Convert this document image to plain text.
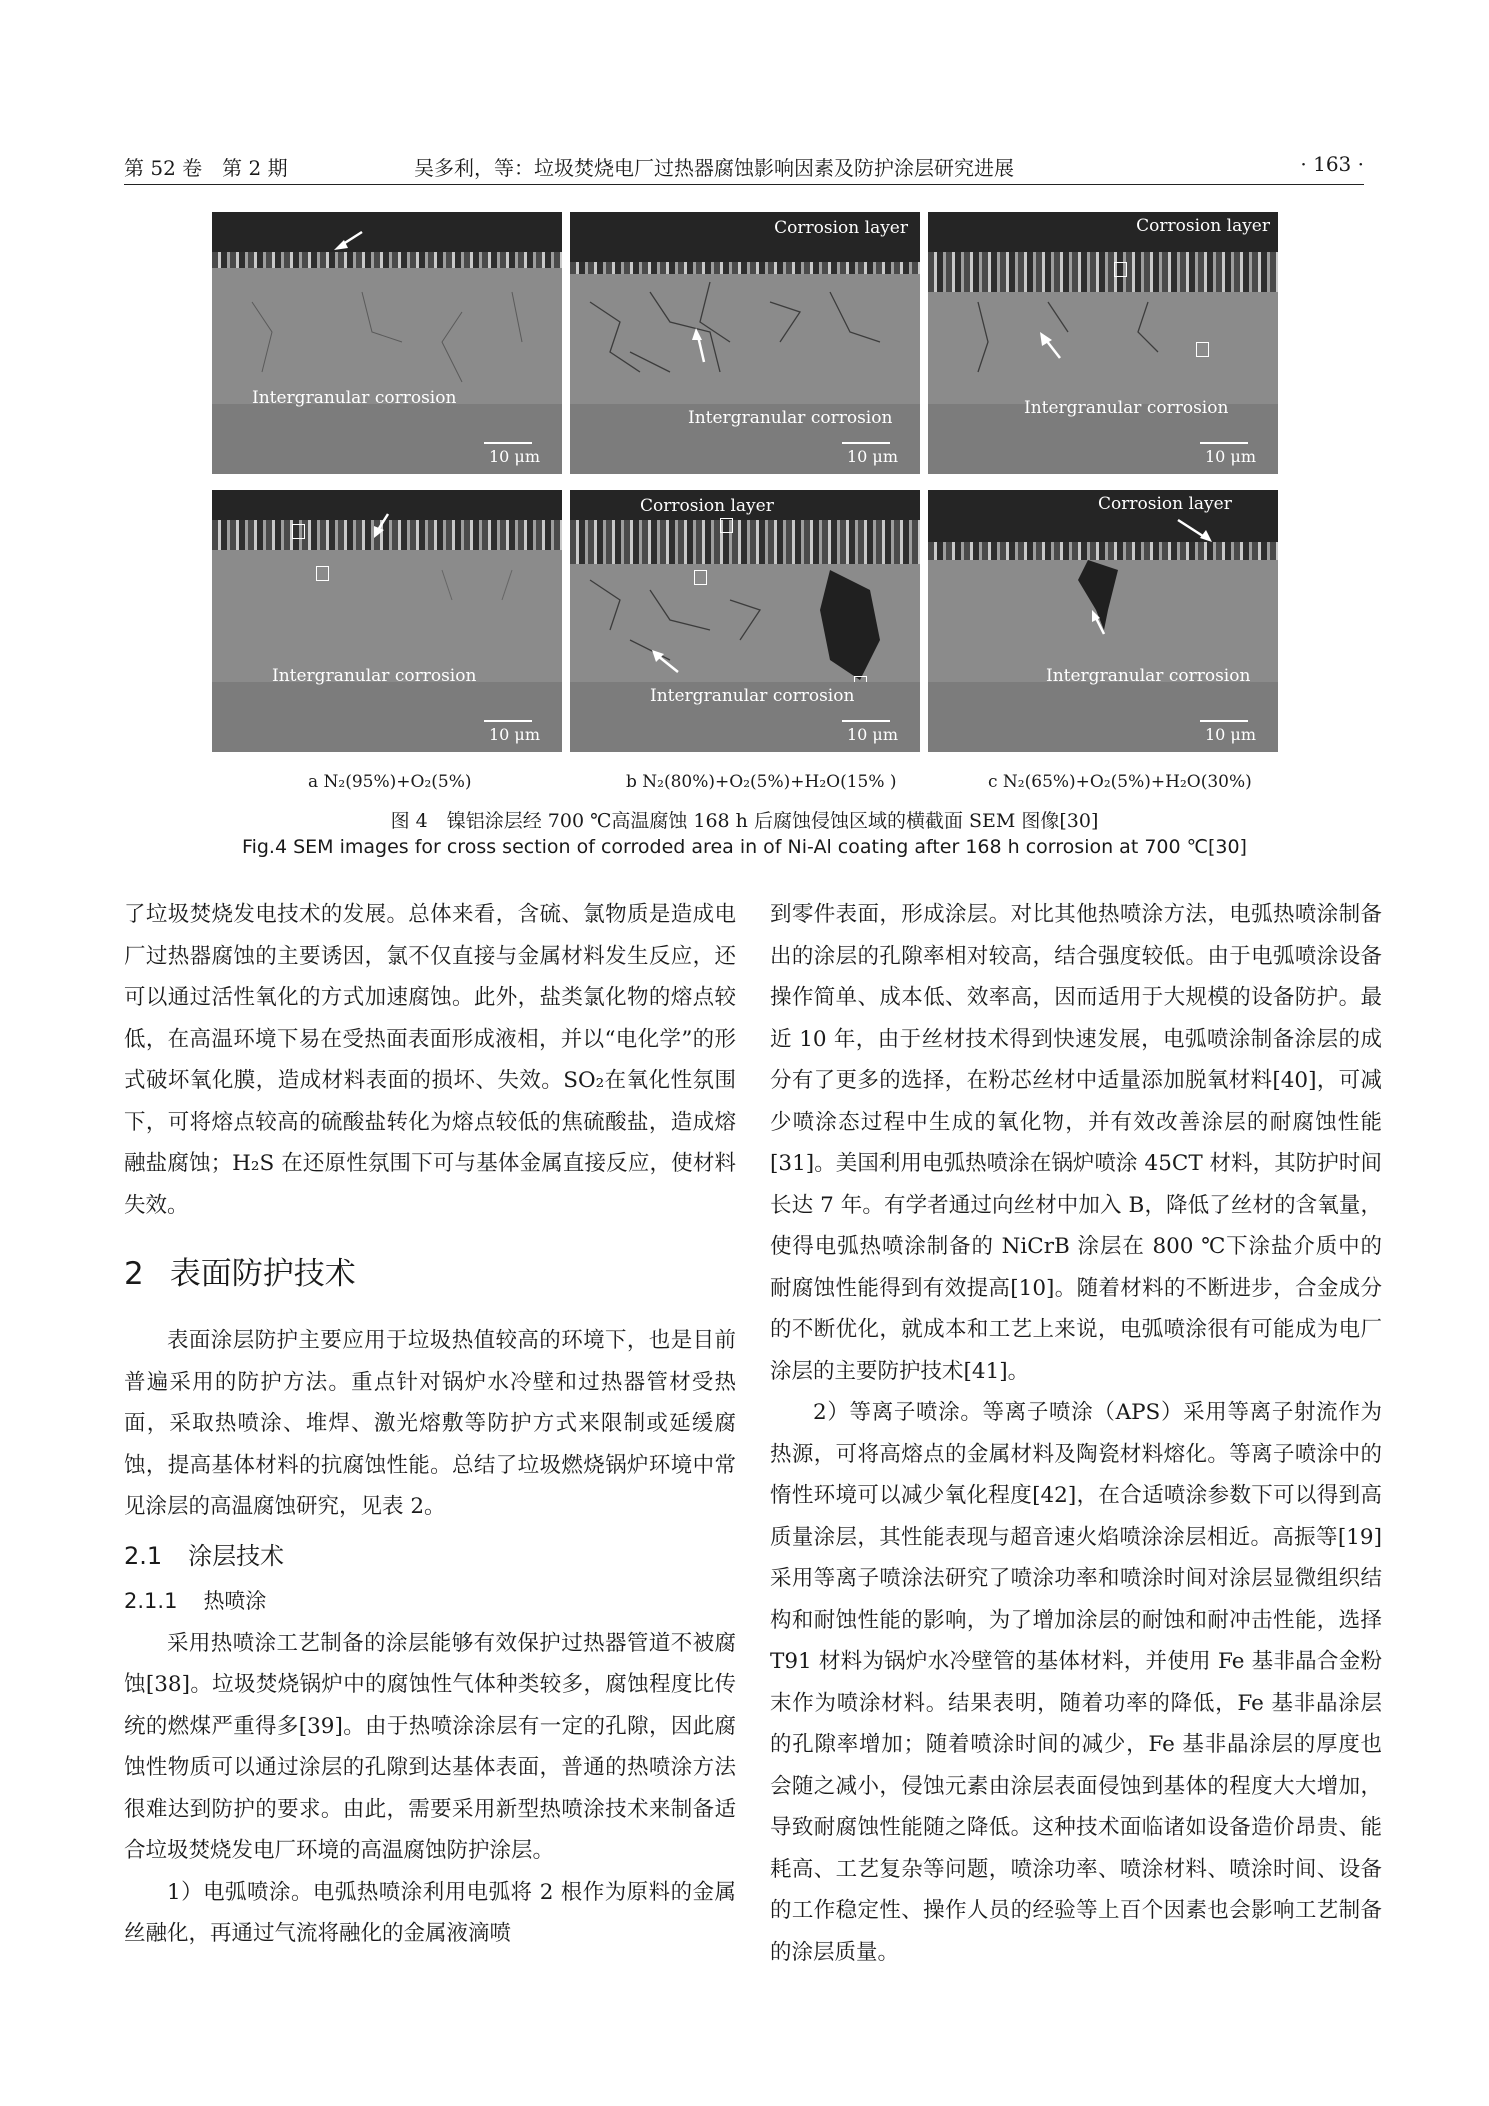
第 52 卷　第 2 期	吴多利，等：垃圾焚烧电厂过热器腐蚀影响因素及防护涂层研究进展	· 163 ·
Intergranular corrosion
10 μm
Corrosion layer
Intergranular corrosion
10 μm
Corrosion layer
Intergranular corrosion
10 μm
Intergranular corrosion
10 μm
Corrosion layer
Intergranular corrosion
10 μm
Corrosion layer
Intergranular corrosion
10 μm
a N₂(95%)+O₂(5%)	b N₂(80%)+O₂(5%)+H₂O(15% )	c N₂(65%)+O₂(5%)+H₂O(30%)
图 4　镍铝涂层经 700 ℃高温腐蚀 168 h 后腐蚀侵蚀区域的横截面 SEM 图像[30]
Fig.4 SEM images for cross section of corroded area in of Ni-Al coating after 168 h corrosion at 700 ℃[30]

了垃圾焚烧发电技术的发展。总体来看，含硫、氯物质是造成电厂过热器腐蚀的主要诱因，氯不仅直接与金属材料发生反应，还可以通过活性氧化的方式加速腐蚀。此外，盐类氯化物的熔点较低，在高温环境下易在受热面表面形成液相，并以“电化学”的形式破坏氧化膜，造成材料表面的损坏、失效。SO₂在氧化性氛围下，可将熔点较高的硫酸盐转化为熔点较低的焦硫酸盐，造成熔融盐腐蚀；H₂S 在还原性氛围下可与基体金属直接反应，使材料失效。

2 表面防护技术

表面涂层防护主要应用于垃圾热值较高的环境下，也是目前普遍采用的防护方法。重点针对锅炉水冷壁和过热器管材受热面，采取热喷涂、堆焊、激光熔敷等防护方式来限制或延缓腐蚀，提高基体材料的抗腐蚀性能。总结了垃圾燃烧锅炉环境中常见涂层的高温腐蚀研究，见表 2。

2.1 涂层技术

2.1.1 热喷涂

采用热喷涂工艺制备的涂层能够有效保护过热器管道不被腐蚀[38]。垃圾焚烧锅炉中的腐蚀性气体种类较多，腐蚀程度比传统的燃煤严重得多[39]。由于热喷涂涂层有一定的孔隙，因此腐蚀性物质可以通过涂层的孔隙到达基体表面，普通的热喷涂方法很难达到防护的要求。由此，需要采用新型热喷涂技术来制备适合垃圾焚烧发电厂环境的高温腐蚀防护涂层。

1）电弧喷涂。电弧热喷涂利用电弧将 2 根作为原料的金属丝融化，再通过气流将融化的金属液滴喷

到零件表面，形成涂层。对比其他热喷涂方法，电弧热喷涂制备出的涂层的孔隙率相对较高，结合强度较低。由于电弧喷涂设备操作简单、成本低、效率高，因而适用于大规模的设备防护。最近 10 年，由于丝材技术得到快速发展，电弧喷涂制备涂层的成分有了更多的选择，在粉芯丝材中适量添加脱氧材料[40]，可减少喷涂态过程中生成的氧化物，并有效改善涂层的耐腐蚀性能[31]。美国利用电弧热喷涂在锅炉喷涂 45CT 材料，其防护时间长达 7 年。有学者通过向丝材中加入 B，降低了丝材的含氧量，使得电弧热喷涂制备的 NiCrB 涂层在 800 ℃下涂盐介质中的耐腐蚀性能得到有效提高[10]。随着材料的不断进步，合金成分的不断优化，就成本和工艺上来说，电弧喷涂很有可能成为电厂涂层的主要防护技术[41]。

2）等离子喷涂。等离子喷涂（APS）采用等离子射流作为热源，可将高熔点的金属材料及陶瓷材料熔化。等离子喷涂中的惰性环境可以减少氧化程度[42]，在合适喷涂参数下可以得到高质量涂层，其性能表现与超音速火焰喷涂涂层相近。高振等[19]采用等离子喷涂法研究了喷涂功率和喷涂时间对涂层显微组织结构和耐蚀性能的影响，为了增加涂层的耐蚀和耐冲击性能，选择 T91 材料为锅炉水冷壁管的基体材料，并使用 Fe 基非晶合金粉末作为喷涂材料。结果表明，随着功率的降低，Fe 基非晶涂层的孔隙率增加；随着喷涂时间的减少，Fe 基非晶涂层的厚度也会随之减小，侵蚀元素由涂层表面侵蚀到基体的程度大大增加，导致耐腐蚀性能随之降低。这种技术面临诸如设备造价昂贵、能耗高、工艺复杂等问题，喷涂功率、喷涂材料、喷涂时间、设备的工作稳定性、操作人员的经验等上百个因素也会影响工艺制备的涂层质量。
